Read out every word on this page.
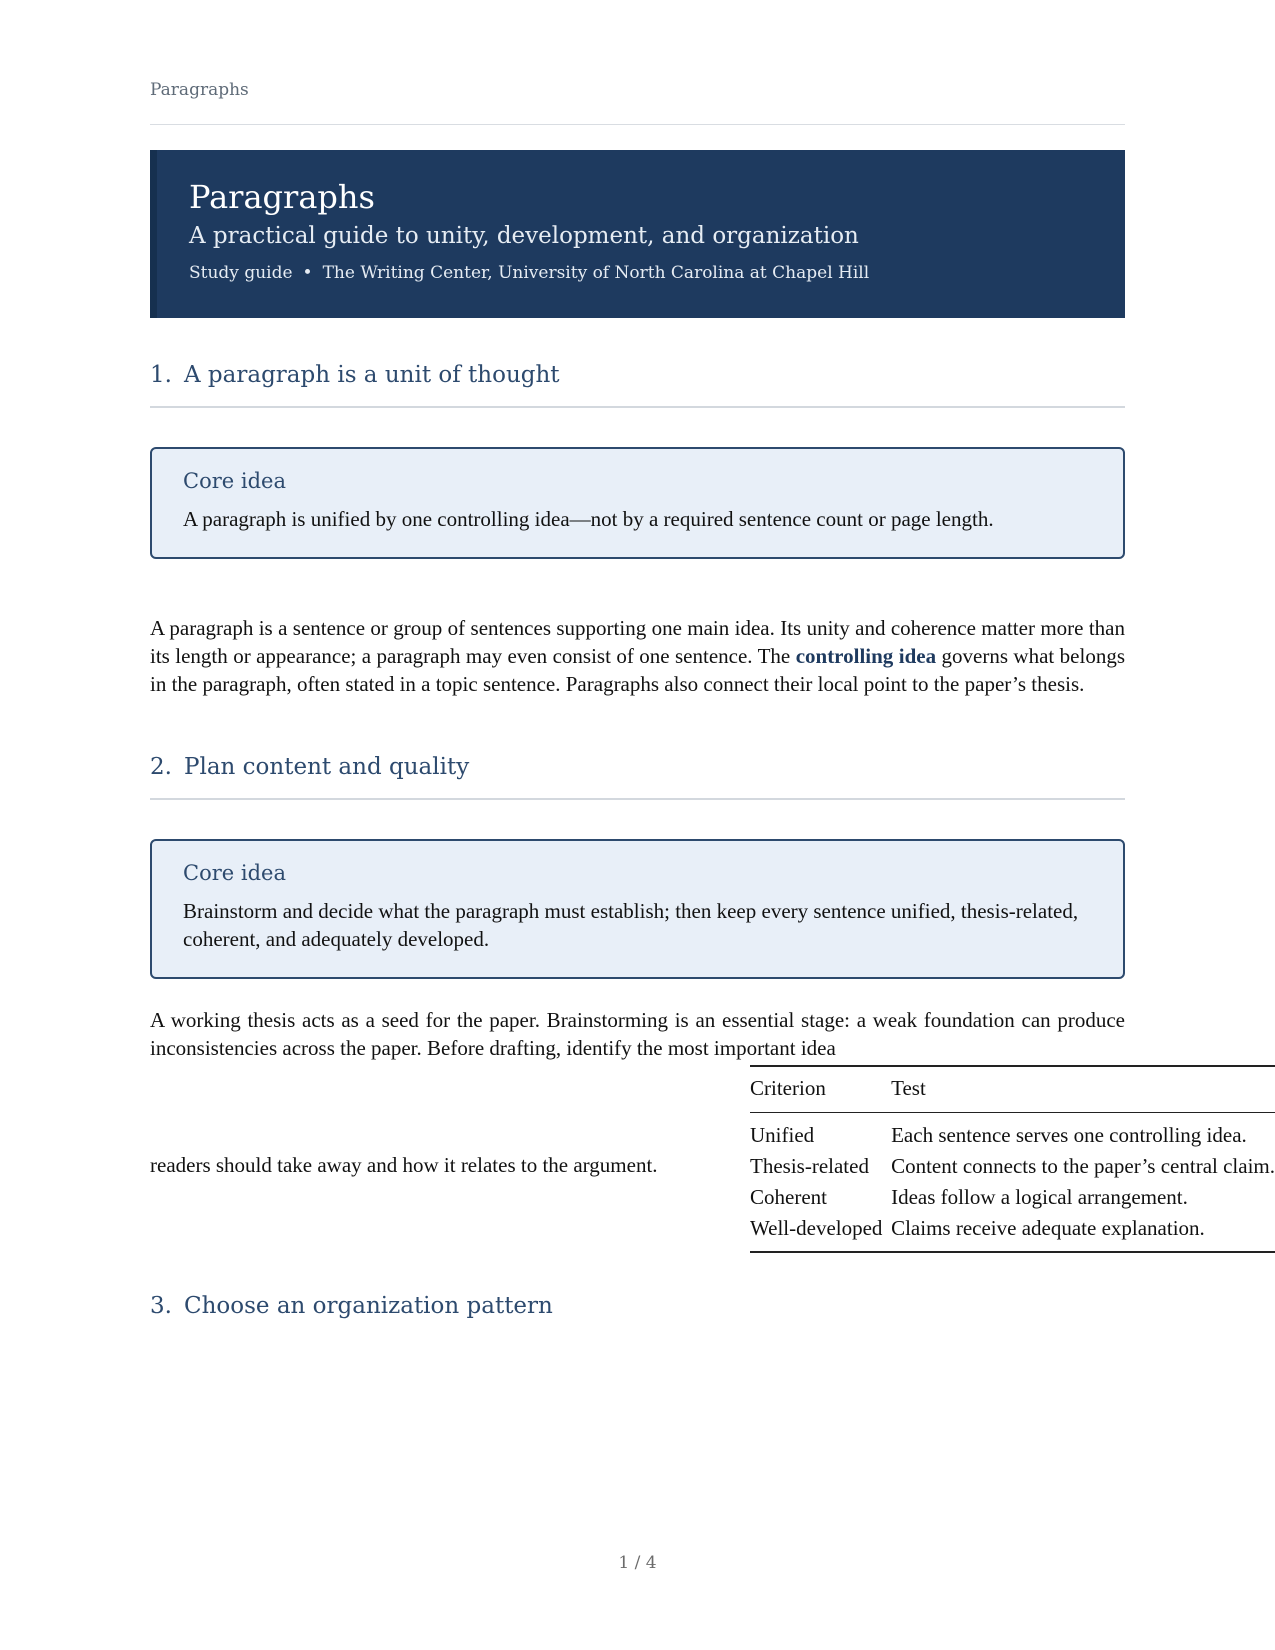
Paragraphs
Paragraphs
A practical guide to unity, development, and organization
Study guide • The Writing Center, University of North Carolina at Chapel Hill
1. A paragraph is a unit of thought
Core idea
A paragraph is unified by one controlling idea—not by a required sentence count or page length.
A paragraph is a sentence or group of sentences supporting one main idea. Its unity and coherence matter more than its length or appearance; a paragraph may even consist of one sentence. The controlling idea governs what belongs in the paragraph, often stated in a topic sentence. Paragraphs also connect their local point to the paper’s thesis.
2. Plan content and quality
Core idea
Brainstorm and decide what the paragraph must establish; then keep every sentence unified, thesis-related, coherent, and adequately developed.
A working thesis acts as a seed for the paper. Brainstorming is an essential stage: a weak foundation can produce inconsistencies across the paper. Before drafting, identify the most important idea
readers should take away and how it relates to the argument.
Criterion	Test
Unified	Each sentence serves one controlling idea.
Thesis-related	Content connects to the paper’s central claim.
Coherent	Ideas follow a logical arrangement.
Well-developed	Claims receive adequate explanation.
3. Choose an organization pattern
1 / 4
